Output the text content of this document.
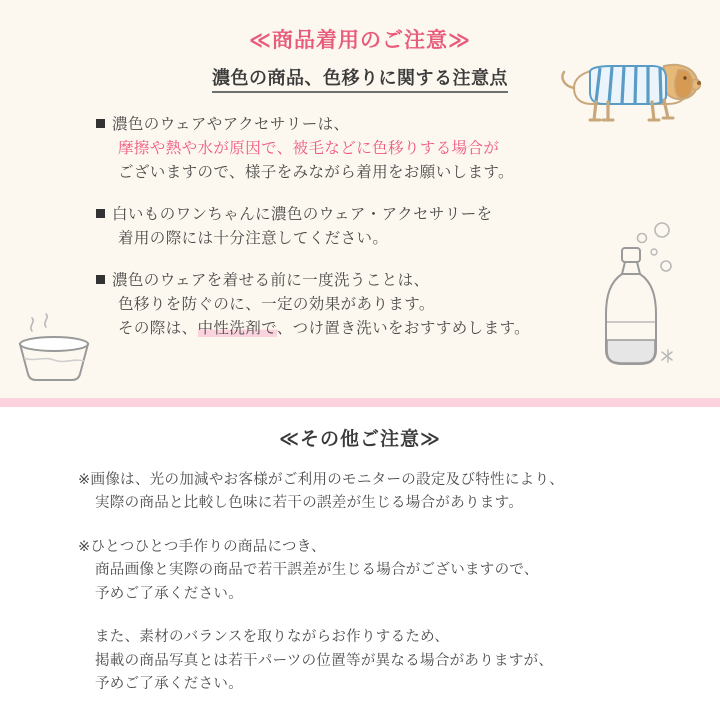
≪商品着用のご注意≫
濃色の商品、色移りに関する注意点
濃色のウェアやアクセサリーは、
摩擦や熱や水が原因で、被毛などに色移りする場合が
ございますので、様子をみながら着用をお願いします。
白いものワンちゃんに濃色のウェア・アクセサリーを
着用の際には十分注意してください。
濃色のウェアを着せる前に一度洗うことは、
色移りを防ぐのに、一定の効果があります。
その際は、中性洗剤で、つけ置き洗いをおすすめします。
≪その他ご注意≫
※画像は、光の加減やお客様がご利用のモニターの設定及び特性により、
実際の商品と比較し色味に若干の誤差が生じる場合があります。
※ひとつひとつ手作りの商品につき、
商品画像と実際の商品で若干誤差が生じる場合がございますので、
予めご了承ください。
また、素材のバランスを取りながらお作りするため、
掲載の商品写真とは若干パーツの位置等が異なる場合がありますが、
予めご了承ください。
